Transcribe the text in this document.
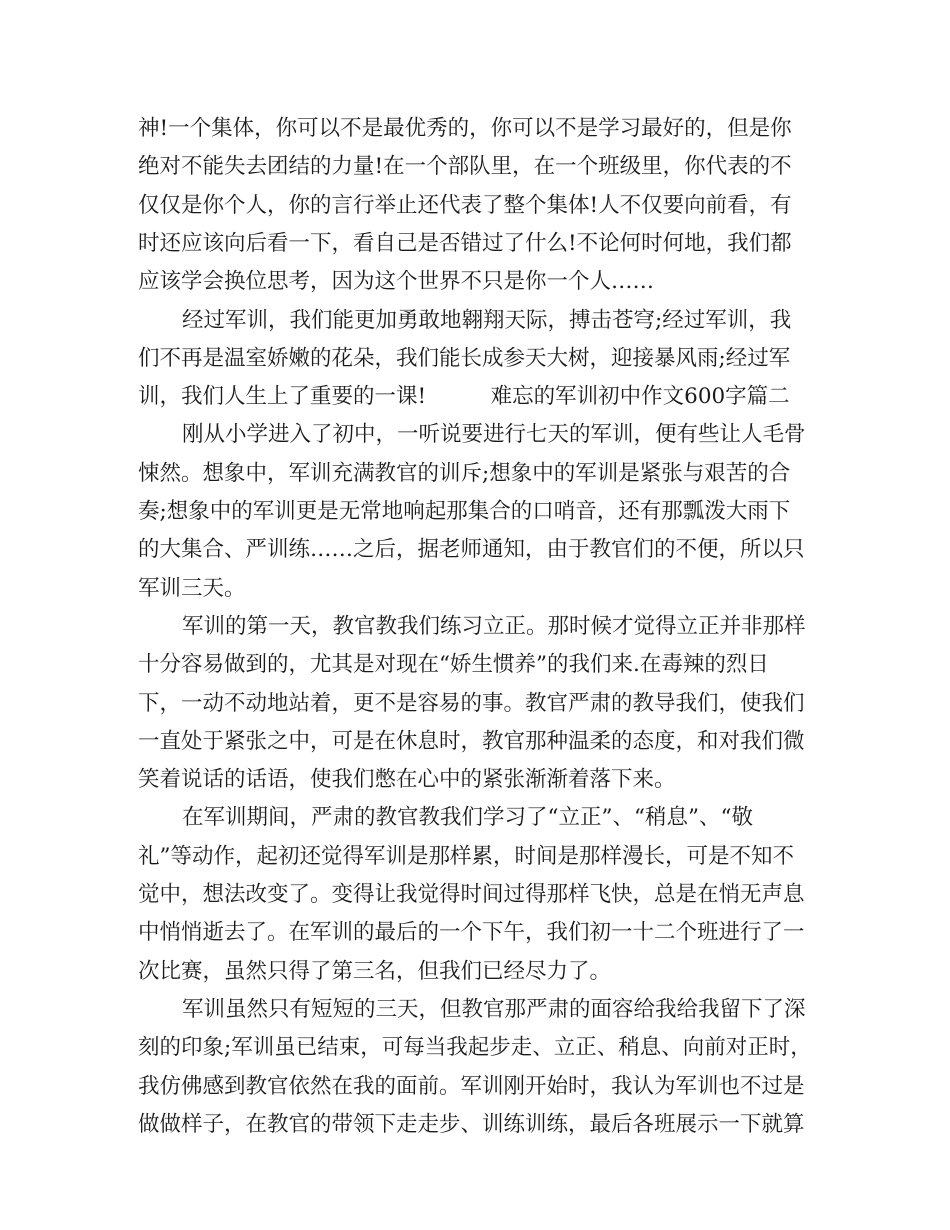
神!一个集体，你可以不是最优秀的，你可以不是学习最好的，但是你
绝对不能失去团结的力量!在一个部队里，在一个班级里，你代表的不
仅仅是你个人，你的言行举止还代表了整个集体!人不仅要向前看，有
时还应该向后看一下，看自己是否错过了什么!不论何时何地，我们都
应该学会换位思考，因为这个世界不只是你一个人……
经过军训，我们能更加勇敢地翱翔天际，搏击苍穹;经过军训，我
们不再是温室娇嫩的花朵，我们能长成参天大树，迎接暴风雨;经过军
训，我们人生上了重要的一课!　　　难忘的军训初中作文600字篇二
刚从小学进入了初中，一听说要进行七天的军训，便有些让人毛骨
悚然。想象中，军训充满教官的训斥;想象中的军训是紧张与艰苦的合
奏;想象中的军训更是无常地响起那集合的口哨音，还有那瓢泼大雨下
的大集合、严训练……之后，据老师通知，由于教官们的不便，所以只
军训三天。
军训的第一天，教官教我们练习立正。那时候才觉得立正并非那样
十分容易做到的，尤其是对现在“娇生惯养”的我们来.在毒辣的烈日
下，一动不动地站着，更不是容易的事。教官严肃的教导我们，使我们
一直处于紧张之中，可是在休息时，教官那种温柔的态度，和对我们微
笑着说话的话语，使我们憋在心中的紧张渐渐着落下来。
在军训期间，严肃的教官教我们学习了“立正”、“稍息”、“敬
礼”等动作，起初还觉得军训是那样累，时间是那样漫长，可是不知不
觉中，想法改变了。变得让我觉得时间过得那样飞快，总是在悄无声息
中悄悄逝去了。在军训的最后的一个下午，我们初一十二个班进行了一
次比赛，虽然只得了第三名，但我们已经尽力了。
军训虽然只有短短的三天，但教官那严肃的面容给我给我留下了深
刻的印象;军训虽已结束，可每当我起步走、立正、稍息、向前对正时，
我仿佛感到教官依然在我的面前。军训刚开始时，我认为军训也不过是
做做样子，在教官的带领下走走步、训练训练，最后各班展示一下就算
